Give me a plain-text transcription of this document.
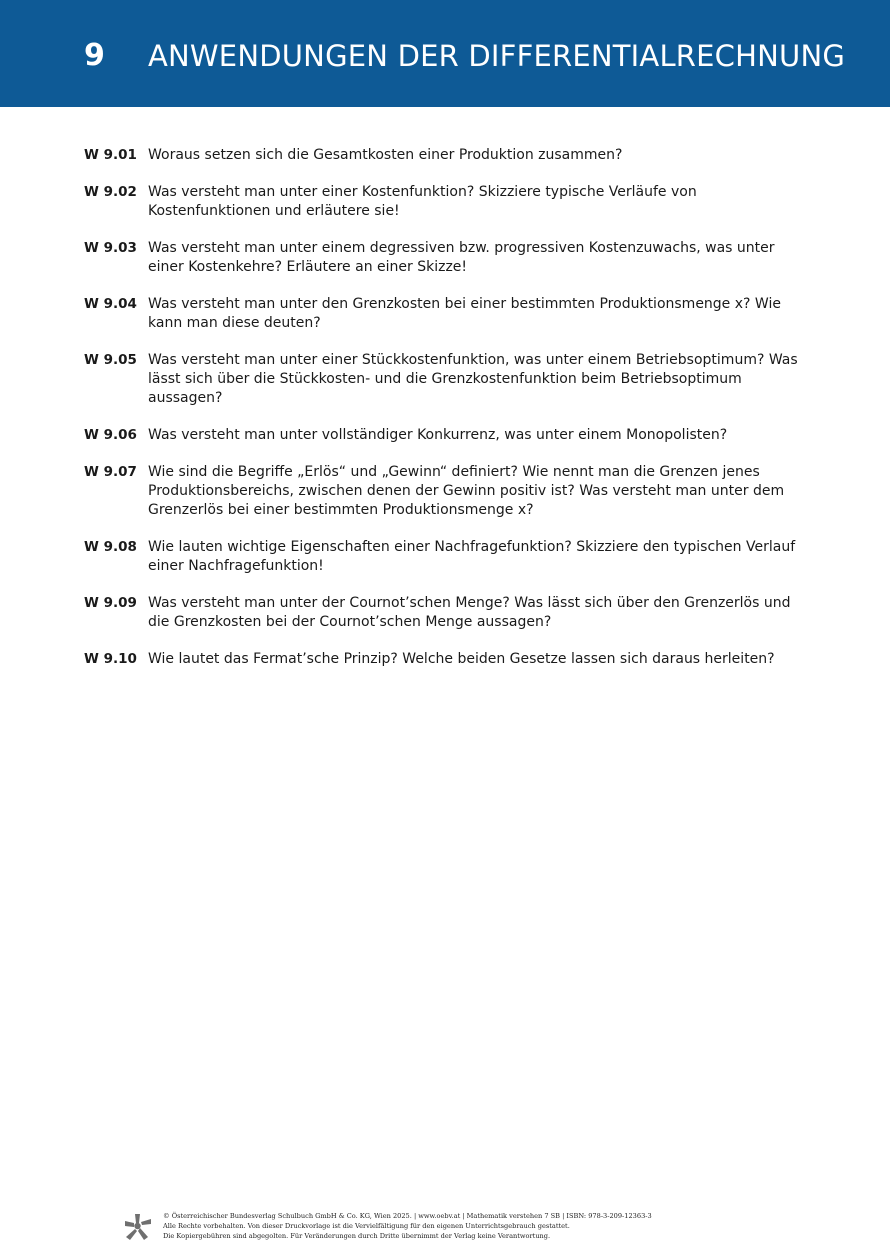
9 ANWENDUNGEN DER DIFFERENTIALRECHNUNG
W 9.01 Woraus setzen sich die Gesamtkosten einer Produktion zusammen?
W 9.02 Was versteht man unter einer Kostenfunktion? Skizziere typische Verläufe von Kostenfunktionen und erläutere sie!
W 9.03 Was versteht man unter einem degressiven bzw. progressiven Kostenzuwachs, was unter einer Kostenkehre? Erläutere an einer Skizze!
W 9.04 Was versteht man unter den Grenzkosten bei einer bestimmten Produktionsmenge x? Wie kann man diese deuten?
W 9.05 Was versteht man unter einer Stückkostenfunktion, was unter einem Betriebsoptimum? Was lässt sich über die Stückkosten- und die Grenzkostenfunktion beim Betriebsoptimum aussagen?
W 9.06 Was versteht man unter vollständiger Konkurrenz, was unter einem Monopolisten?
W 9.07 Wie sind die Begriffe „Erlös“ und „Gewinn“ definiert? Wie nennt man die Grenzen jenes Produktionsbereichs, zwischen denen der Gewinn positiv ist? Was versteht man unter dem Grenzerlös bei einer bestimmten Produktionsmenge x?
W 9.08 Wie lauten wichtige Eigenschaften einer Nachfragefunktion? Skizziere den typischen Verlauf einer Nachfragefunktion!
W 9.09 Was versteht man unter der Cournot’schen Menge? Was lässt sich über den Grenzerlös und die Grenzkosten bei der Cournot’schen Menge aussagen?
W 9.10 Wie lautet das Fermat’sche Prinzip? Welche beiden Gesetze lassen sich daraus herleiten?
© Österreichischer Bundesverlag Schulbuch GmbH & Co. KG, Wien 2025. | www.oebv.at | Mathematik verstehen 7 SB | ISBN: 978-3-209-12363-3
Alle Rechte vorbehalten. Von dieser Druckvorlage ist die Vervielfältigung für den eigenen Unterrichtsgebrauch gestattet.
Die Kopiergebühren sind abgegolten. Für Veränderungen durch Dritte übernimmt der Verlag keine Verantwortung.
